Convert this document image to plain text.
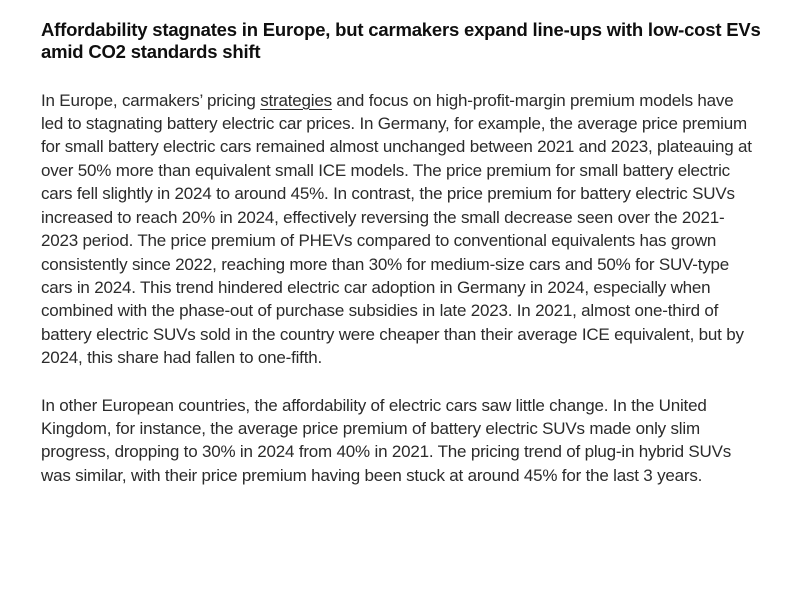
Affordability stagnates in Europe, but carmakers expand line-ups with low-cost EVs amid CO2 standards shift

In Europe, carmakers’ pricing strategies and focus on high-profit-margin premium models have led to stagnating battery electric car prices. In Germany, for example, the average price premium for small battery electric cars remained almost unchanged between 2021 and 2023, plateauing at over 50% more than equivalent small ICE models. The price premium for small battery electric cars fell slightly in 2024 to around 45%. In contrast, the price premium for battery electric SUVs increased to reach 20% in 2024, effectively reversing the small decrease seen over the 2021-2023 period. The price premium of PHEVs compared to conventional equivalents has grown consistently since 2022, reaching more than 30% for medium-size cars and 50% for SUV-type cars in 2024. This trend hindered electric car adoption in Germany in 2024, especially when combined with the phase-out of purchase subsidies in late 2023. In 2021, almost one-third of battery electric SUVs sold in the country were cheaper than their average ICE equivalent, but by 2024, this share had fallen to one-fifth.

In other European countries, the affordability of electric cars saw little change. In the United Kingdom, for instance, the average price premium of battery electric SUVs made only slim progress, dropping to 30% in 2024 from 40% in 2021. The pricing trend of plug-in hybrid SUVs was similar, with their price premium having been stuck at around 45% for the last 3 years.
